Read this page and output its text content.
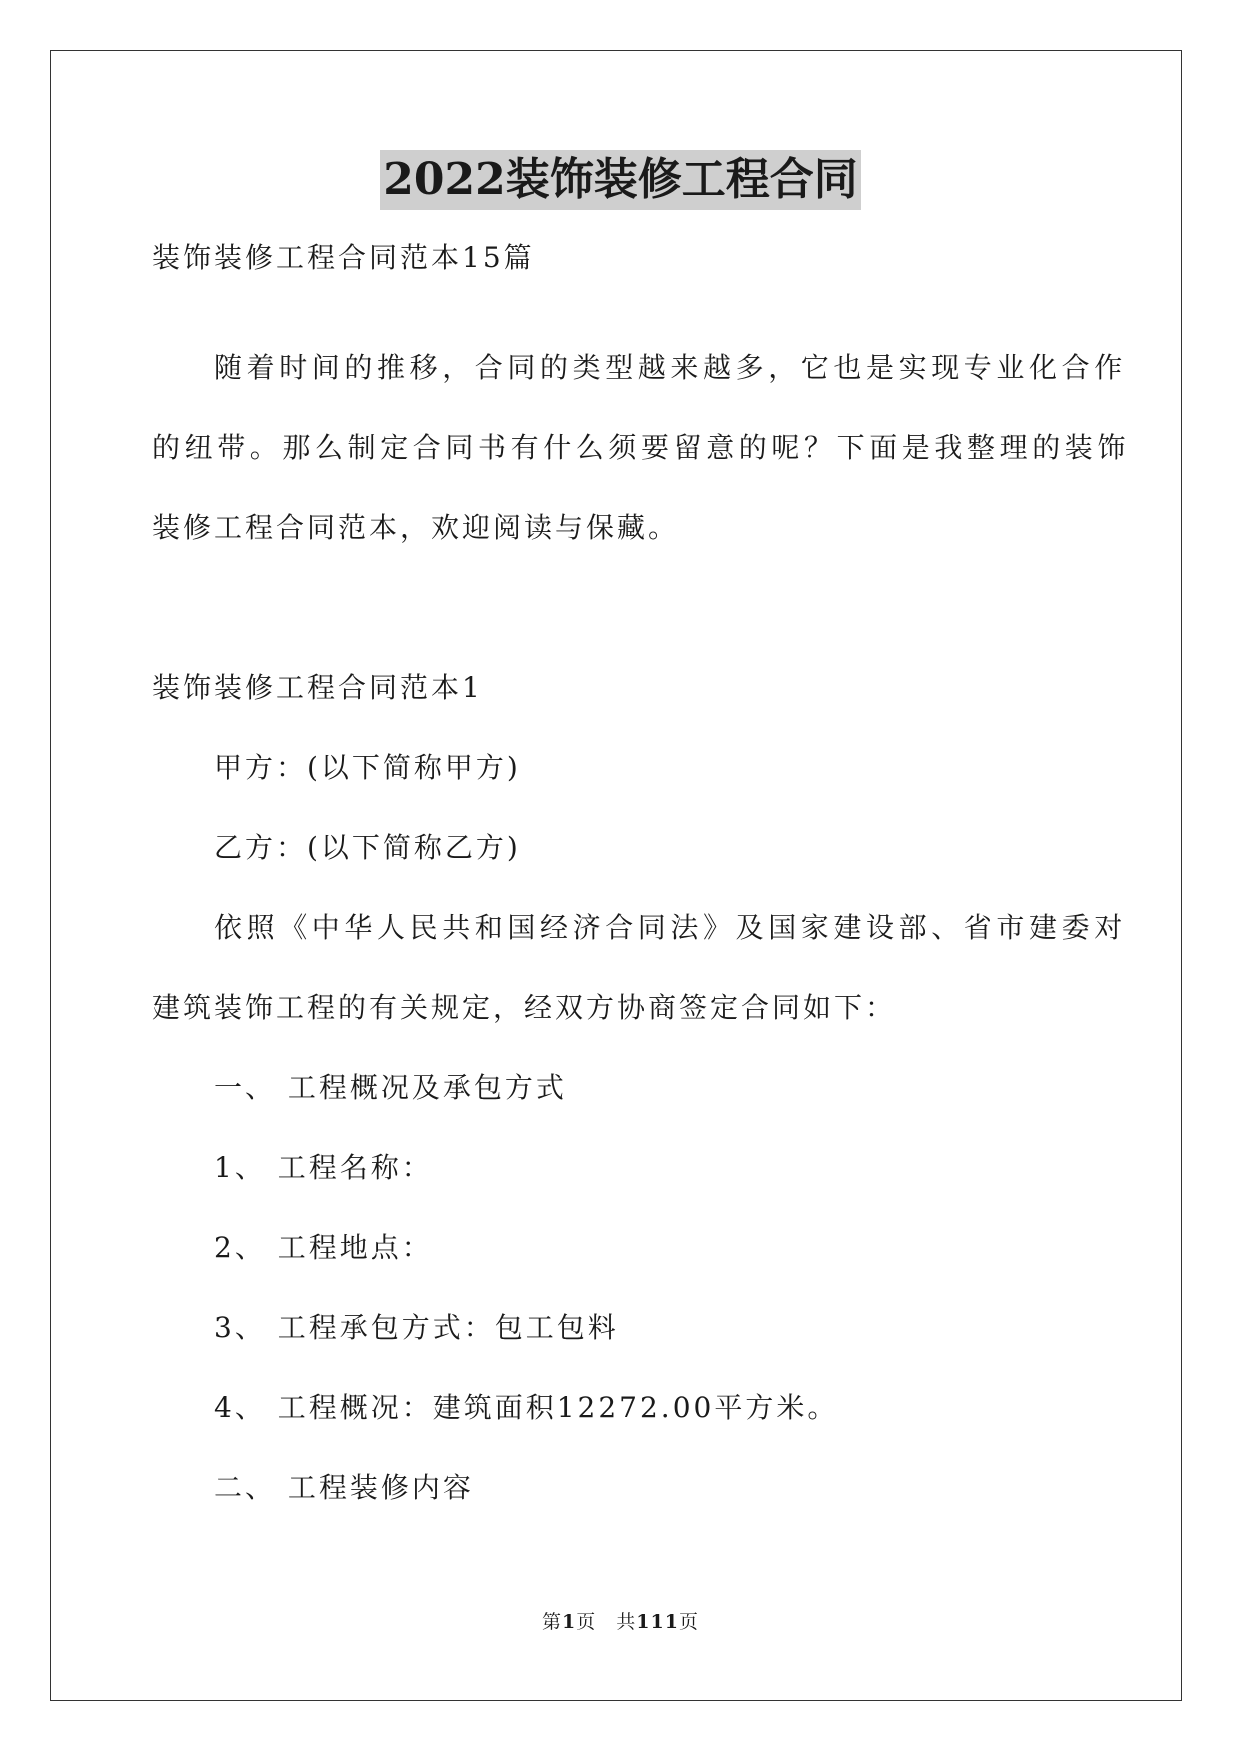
2022装饰装修工程合同
装饰装修工程合同范本15篇
随着时间的推移，合同的类型越来越多，它也是实现专业化合作
的纽带。那么制定合同书有什么须要留意的呢？下面是我整理的装饰
装修工程合同范本，欢迎阅读与保藏。
装饰装修工程合同范本1
甲方：(以下简称甲方)
乙方：(以下简称乙方)
依照《中华人民共和国经济合同法》及国家建设部、省市建委对
建筑装饰工程的有关规定，经双方协商签定合同如下：
一、 工程概况及承包方式
1、 工程名称：
2、 工程地点：
3、 工程承包方式：包工包料
4、 工程概况：建筑面积12272.00平方米。
二、 工程装修内容
第1页　共111页
